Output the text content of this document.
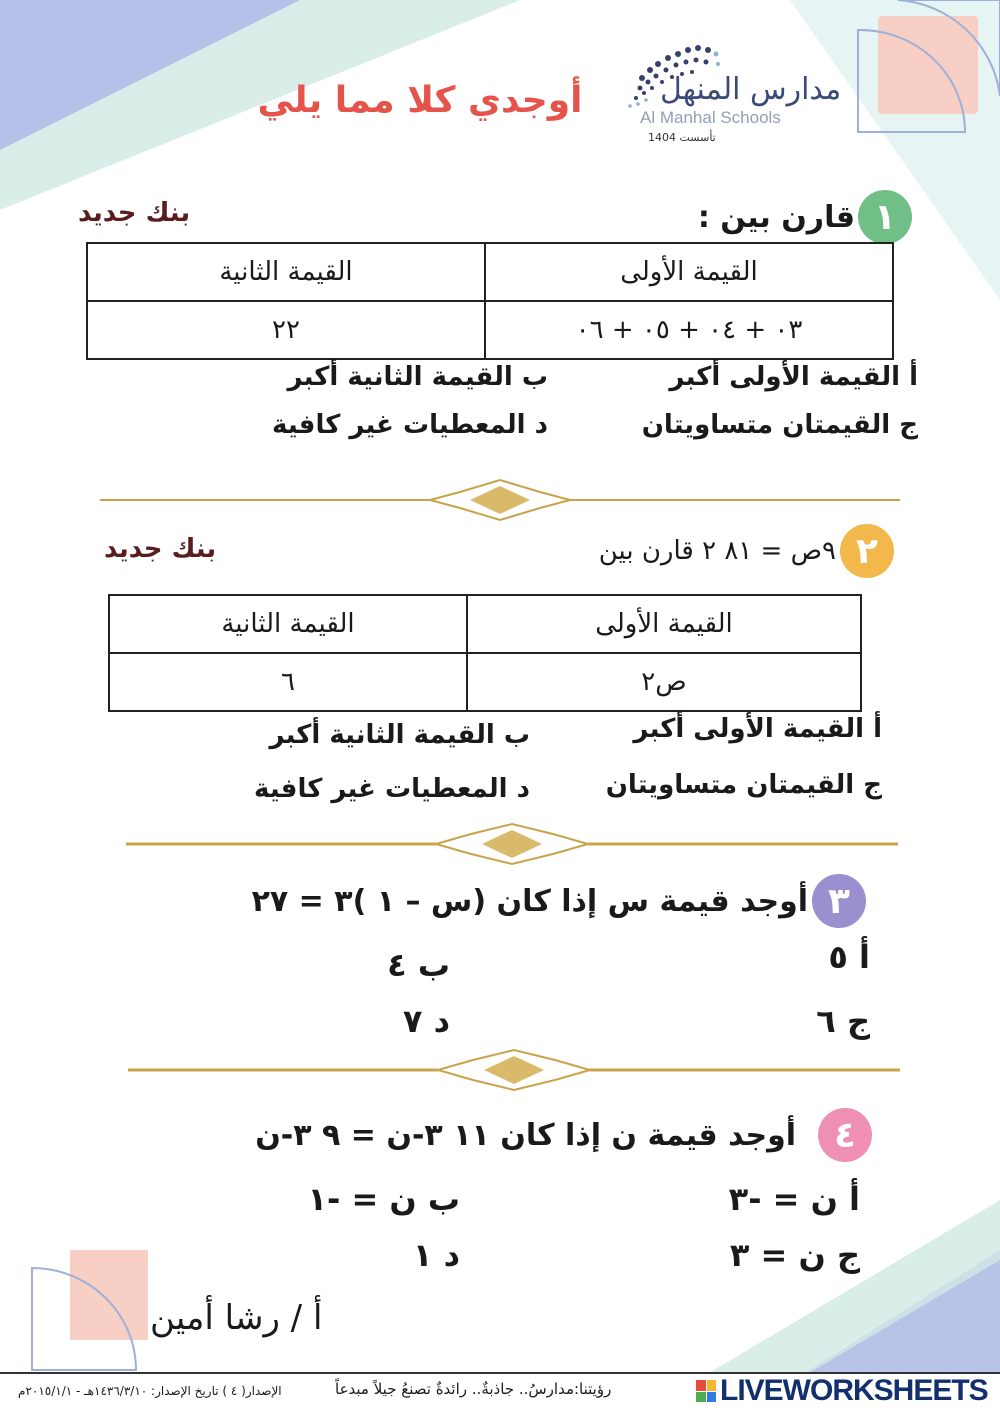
مدارس المنهل
Al Manhal Schools
تأسست 1404
أوجدي كلا مما يلي
١
قارن بين :
بنك جديد
القيمة الأولى	القيمة الثانية
٠٣ + ٠٤ + ٠٥ + ٠٦	٢٢
أ القيمة الأولى أكبر
ب القيمة الثانية أكبر
ج القيمتان متساويتان
د المعطيات غير كافية
٢
٩ص = ٨١ ٢ قارن بين
بنك جديد
القيمة الأولى	القيمة الثانية
ص٢	٦
أ القيمة الأولى أكبر
ب القيمة الثانية أكبر
ج القيمتان متساويتان
د المعطيات غير كافية
٣
أوجد قيمة س إذا كان (س – ١ )٣ = ٢٧
أ ٥
ب ٤
ج ٦
د ٧
٤
أوجد قيمة ن إذا كان ١١ ٣-ن = ٩ ٣-ن
أ ن = -٣
ب ن = -١
ج ن = ٣
د ١
أ / رشا أمين
الإصدار( ٤ ) تاريخ الإصدار: ١٤٣٦/٣/١٠هـ - ٢٠١٥/١/١م	رؤيتنا:مدارسُ.. جاذبةٌ.. رائدةٌ تصنعُ جيلاً مبدعاً	LIVEWORKSHEETS
